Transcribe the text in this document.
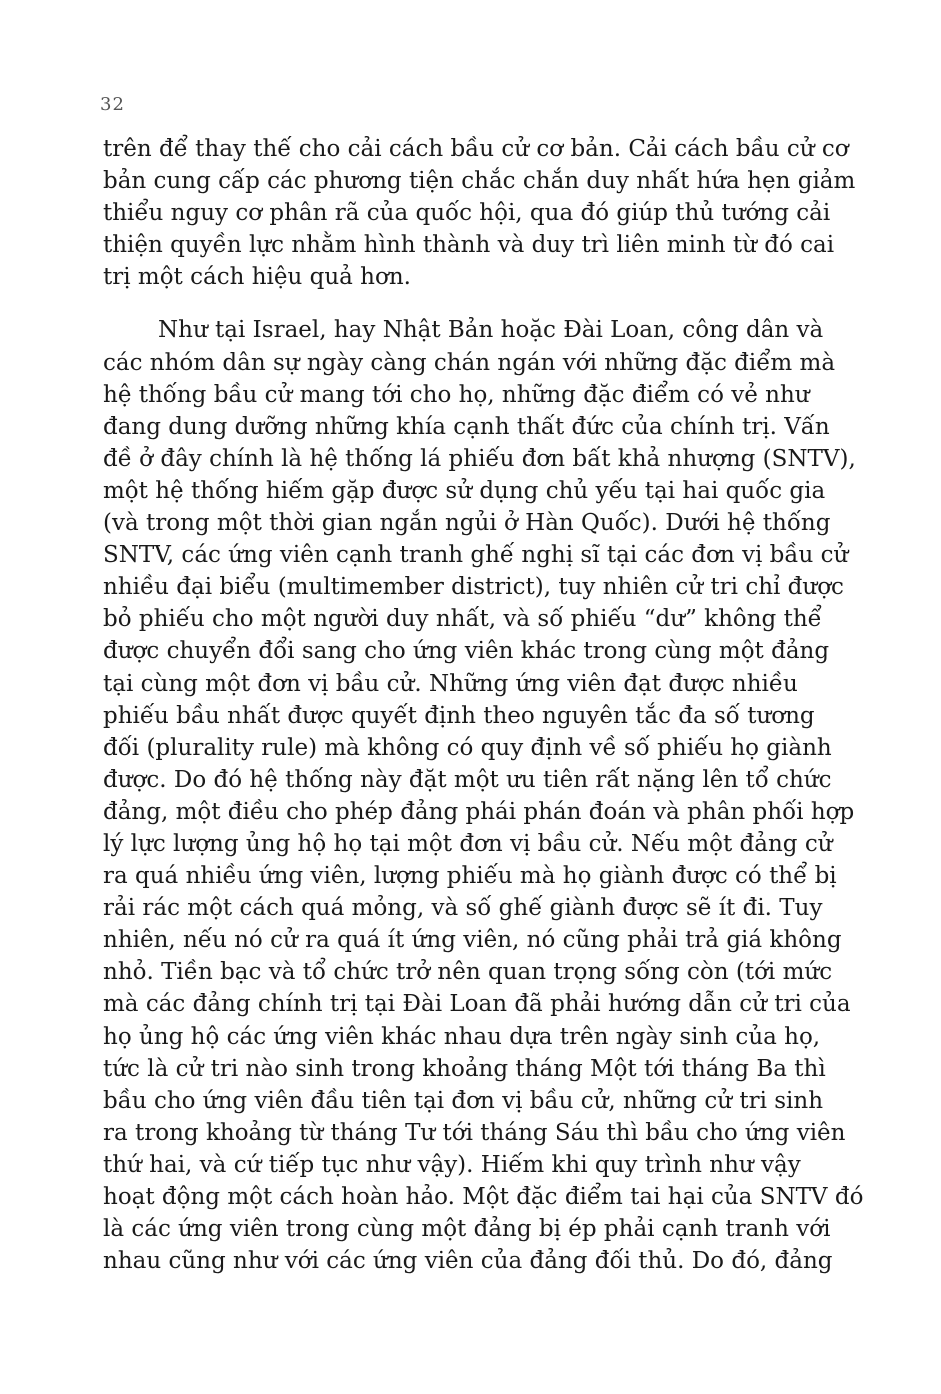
32
trên để thay thế cho cải cách bầu cử cơ bản. Cải cách bầu cử cơ
bản cung cấp các phương tiện chắc chắn duy nhất hứa hẹn giảm
thiểu nguy cơ phân rã của quốc hội, qua đó giúp thủ tướng cải
thiện quyền lực nhằm hình thành và duy trì liên minh từ đó cai
trị một cách hiệu quả hơn.
Như tại Israel, hay Nhật Bản hoặc Đài Loan, công dân và
các nhóm dân sự ngày càng chán ngán với những đặc điểm mà
hệ thống bầu cử mang tới cho họ, những đặc điểm có vẻ như
đang dung dưỡng những khía cạnh thất đức của chính trị. Vấn
đề ở đây chính là hệ thống lá phiếu đơn bất khả nhượng (SNTV),
một hệ thống hiếm gặp được sử dụng chủ yếu tại hai quốc gia
(và trong một thời gian ngắn ngủi ở Hàn Quốc). Dưới hệ thống
SNTV, các ứng viên cạnh tranh ghế nghị sĩ tại các đơn vị bầu cử
nhiều đại biểu (multimember district), tuy nhiên cử tri chỉ được
bỏ phiếu cho một người duy nhất, và số phiếu “dư” không thể
được chuyển đổi sang cho ứng viên khác trong cùng một đảng
tại cùng một đơn vị bầu cử. Những ứng viên đạt được nhiều
phiếu bầu nhất được quyết định theo nguyên tắc đa số tương
đối (plurality rule) mà không có quy định về số phiếu họ giành
được. Do đó hệ thống này đặt một ưu tiên rất nặng lên tổ chức
đảng, một điều cho phép đảng phái phán đoán và phân phối hợp
lý lực lượng ủng hộ họ tại một đơn vị bầu cử. Nếu một đảng cử
ra quá nhiều ứng viên, lượng phiếu mà họ giành được có thể bị
rải rác một cách quá mỏng, và số ghế giành được sẽ ít đi. Tuy
nhiên, nếu nó cử ra quá ít ứng viên, nó cũng phải trả giá không
nhỏ. Tiền bạc và tổ chức trở nên quan trọng sống còn (tới mức
mà các đảng chính trị tại Đài Loan đã phải hướng dẫn cử tri của
họ ủng hộ các ứng viên khác nhau dựa trên ngày sinh của họ,
tức là cử tri nào sinh trong khoảng tháng Một tới tháng Ba thì
bầu cho ứng viên đầu tiên tại đơn vị bầu cử, những cử tri sinh
ra trong khoảng từ tháng Tư tới tháng Sáu thì bầu cho ứng viên
thứ hai, và cứ tiếp tục như vậy). Hiếm khi quy trình như vậy
hoạt động một cách hoàn hảo. Một đặc điểm tai hại của SNTV đó
là các ứng viên trong cùng một đảng bị ép phải cạnh tranh với
nhau cũng như với các ứng viên của đảng đối thủ. Do đó, đảng
